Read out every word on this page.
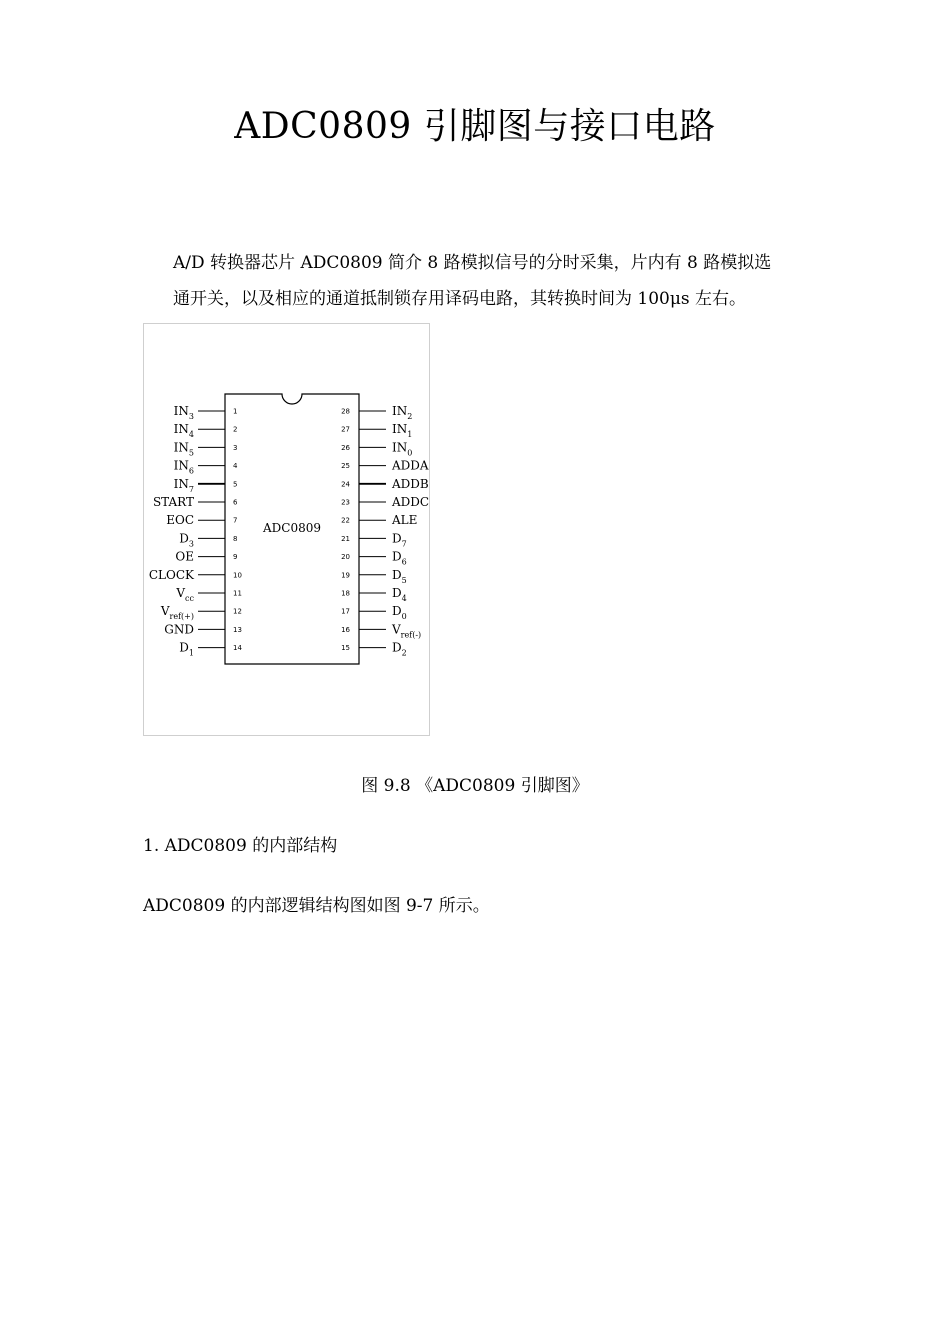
ADC0809 引脚图与接口电路
A/D 转换器芯片 ADC0809 简介 8 路模拟信号的分时采集，片内有 8 路模拟选
通开关，以及相应的通道抵制锁存用译码电路，其转换时间为 100μs 左右。
ADC0809
1
$IN_3$
2
$IN_4$
3
$IN_5$
4
$IN_6$
5
$IN_7$
6
START
7
EOC
8
$D_3$
9
OE
10
CLOCK
11
$V_{cc}$
12
$V_{ref(+)}$
13
GND
14
$D_1$
28	$IN_2$
27	$IN_1$
26	$IN_0$
25	ADDA
24	ADDB
23	ADDC
22	ALE
21	$D_7$
20	$D_6$
19	$D_5$
18	$D_4$
17	$D_0$
16	$V_{ref(-)}$
15	$D_2$
图 9.8 《ADC0809 引脚图》
1. ADC0809 的内部结构
ADC0809 的内部逻辑结构图如图 9-7 所示。
